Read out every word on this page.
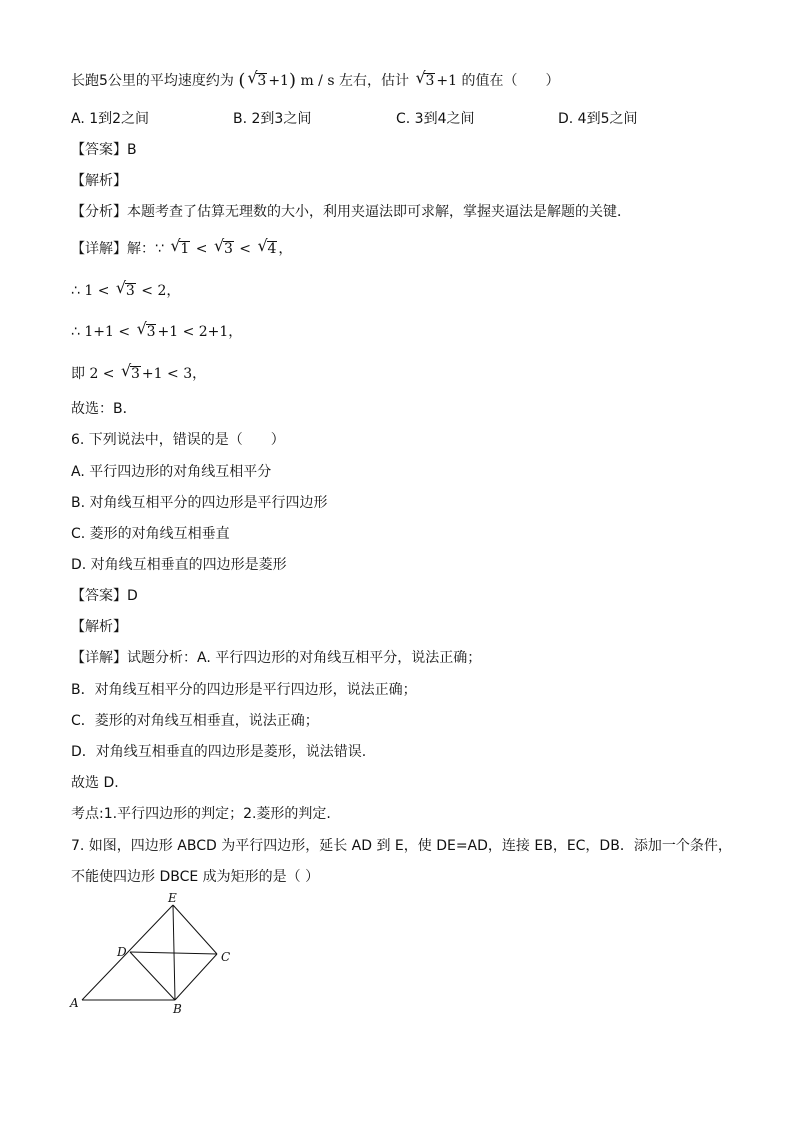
长跑5公里的平均速度约为 ( √ 3 +1) m / s 左右，估计 √ 3 +1 的值在（　　）
A. 1到2之间	B. 2到3之间	C. 3到4之间	D. 4到5之间
【答案】B
【解析】
【分析】本题考查了估算无理数的大小，利用夹逼法即可求解，掌握夹逼法是解题的关键．
【详解】解：∵ √ 1 < √ 3 < √ 4 ，
∴ 1 < √ 3 < 2，
∴ 1+1 < √ 3 +1 < 2+1，
即 2 < √ 3 +1 < 3，
故选：B．
6. 下列说法中，错误的是（　　）
A. 平行四边形的对角线互相平分
B. 对角线互相平分的四边形是平行四边形
C. 菱形的对角线互相垂直
D. 对角线互相垂直的四边形是菱形
【答案】D
【解析】
【详解】试题分析：A. 平行四边形的对角线互相平分，说法正确；
B．对角线互相平分的四边形是平行四边形，说法正确；
C．菱形的对角线互相垂直，说法正确；
D．对角线互相垂直的四边形是菱形，说法错误.
故选 D.
考点:1.平行四边形的判定；2.菱形的判定.
7. 如图，四边形 ABCD 为平行四边形，延长 AD 到 E，使 DE=AD，连接 EB，EC，DB．添加一个条件，
不能使四边形 DBCE 成为矩形的是（ ）
E
D	C
A	B
